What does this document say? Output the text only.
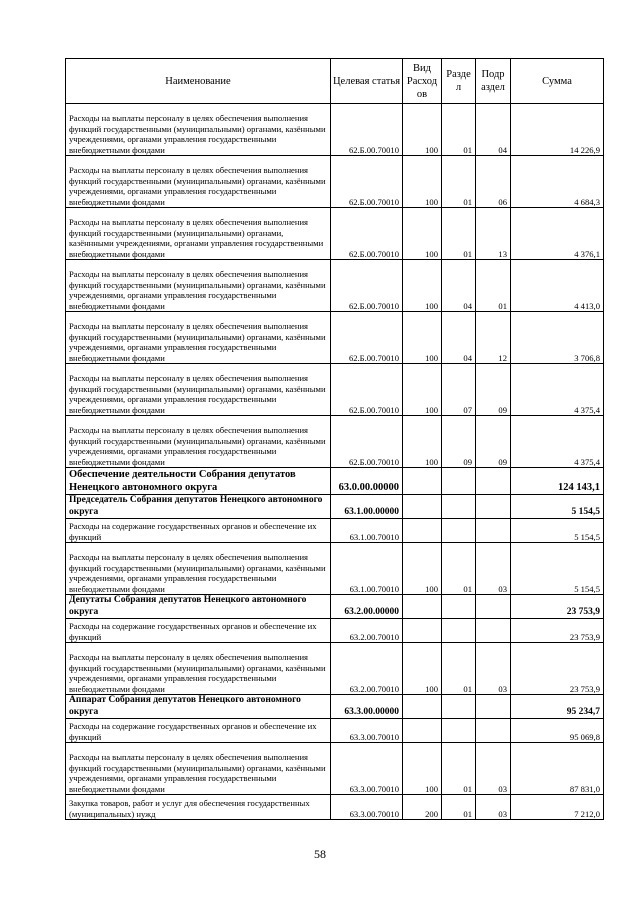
Наименование	Целевая статья	Вид Расход ов	Разде л	Подр аздел	Сумма
Расходы на выплаты персоналу в целях обеспечения выполнения функций государственными (муниципальными) органами, казёнными учреждениями, органами управления государственными внебюджетными фондами	62.Б.00.70010	100	01	04	14 226,9
Расходы на выплаты персоналу в целях обеспечения выполнения функций государственными (муниципальными) органами, казёнными учреждениями, органами управления государственными внебюджетными фондами	62.Б.00.70010	100	01	06	4 684,3
Расходы на выплаты персоналу в целях обеспечения выполнения функций государственными (муниципальными) органами, казённными учреждениями, органами управления государственными внебюджетными фондами	62.Б.00.70010	100	01	13	4 376,1
Расходы на выплаты персоналу в целях обеспечения выполнения функций государственными (муниципальными) органами, казёнными учреждениями, органами управления государственными внебюджетными фондами	62.Б.00.70010	100	04	01	4 413,0
Расходы на выплаты персоналу в целях обеспечения выполнения функций государственными (муниципальными) органами, казёнными учреждениями, органами управления государственными внебюджетными фондами	62.Б.00.70010	100	04	12	3 706,8
Расходы на выплаты персоналу в целях обеспечения выполнения функций государственными (муниципальными) органами, казёнными учреждениями, органами управления государственными внебюджетными фондами	62.Б.00.70010	100	07	09	4 375,4
Расходы на выплаты персоналу в целях обеспечения выполнения функций государственными (муниципальными) органами, казёнными учреждениями, органами управления государственными внебюджетными фондами	62.Б.00.70010	100	09	09	4 375,4
Обеспечение деятельности Собрания депутатов Ненецкого автономного округа	63.0.00.00000				124 143,1
Председатель Собрания депутатов Ненецкого автономного округа	63.1.00.00000				5 154,5
Расходы на содержание государственных органов и обеспечение их функций	63.1.00.70010				5 154,5
Расходы на выплаты персоналу в целях обеспечения выполнения функций государственными (муниципальными) органами, казёнными учреждениями, органами управления государственными внебюджетными фондами	63.1.00.70010	100	01	03	5 154,5
Депутаты Собрания депутатов Ненецкого автономного округа	63.2.00.00000				23 753,9
Расходы на содержание государственных органов и обеспечение их функций	63.2.00.70010				23 753,9
Расходы на выплаты персоналу в целях обеспечения выполнения функций государственными (муниципальными) органами, казёнными учреждениями, органами управления государственными внебюджетными фондами	63.2.00.70010	100	01	03	23 753,9
Аппарат Собрания депутатов Ненецкого автономного округа	63.3.00.00000				95 234,7
Расходы на содержание государственных органов и обеспечение их функций	63.3.00.70010				95 069,8
Расходы на выплаты персоналу в целях обеспечения выполнения функций государственными (муниципальными) органами, казёнными учреждениями, органами управления государственными внебюджетными фондами	63.3.00.70010	100	01	03	87 831,0
Закупка товаров, работ и услуг для обеспечения государственных (муниципальных) нужд	63.3.00.70010	200	01	03	7 212,0
58
